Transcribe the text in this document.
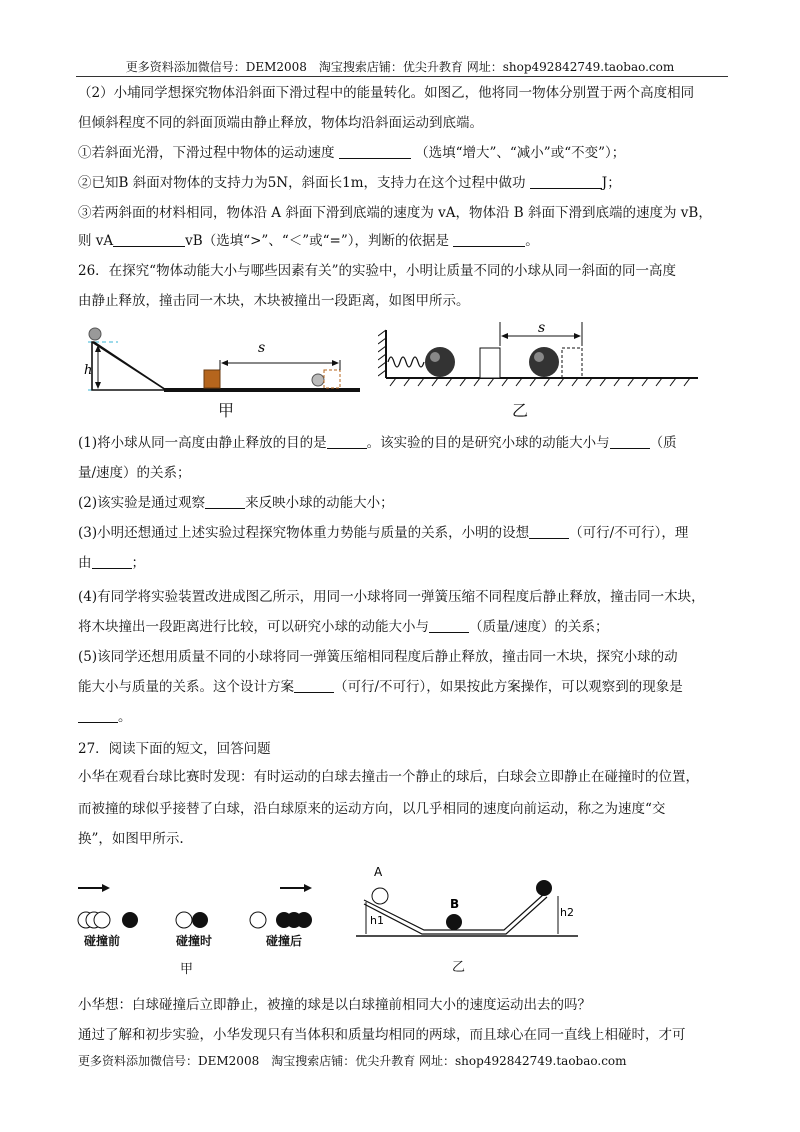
更多资料添加微信号：DEM2008　淘宝搜索店铺：优尖升教育 网址：shop492842749.taobao.com
（2）小埔同学想探究物体沿斜面下滑过程中的能量转化。如图乙，他将同一物体分别置于两个高度相同
但倾斜程度不同的斜面顶端由静止释放，物体均沿斜面运动到底端。
①若斜面光滑，下滑过程中物体的运动速度	（选填“增大”、“减小”或“不变”）；
②已知B 斜面对物体的支持力为5N，斜面长1m，支持力在这个过程中做功	J；
③若两斜面的材料相同，物体沿 A 斜面下滑到底端的速度为 vA，物体沿 B 斜面下滑到底端的速度为 vB，
则 vA	vB（选填“>”、“＜”或“=”），判断的依据是	。
26．在探究“物体动能大小与哪些因素有关”的实验中，小明让质量不同的小球从同一斜面的同一高度
由静止释放，撞击同一木块，木块被撞出一段距离，如图甲所示。
h
s
甲
s
乙
(1)将小球从同一高度由静止释放的目的是	。该实验的目的是研究小球的动能大小与	（质
量/速度）的关系；
(2)该实验是通过观察	来反映小球的动能大小；
(3)小明还想通过上述实验过程探究物体重力势能与质量的关系，小明的设想	（可行/不可行），理
由	；
(4)有同学将实验装置改进成图乙所示，用同一小球将同一弹簧压缩不同程度后静止释放，撞击同一木块，
将木块撞出一段距离进行比较，可以研究小球的动能大小与	（质量/速度）的关系；
(5)该同学还想用质量不同的小球将同一弹簧压缩相同程度后静止释放，撞击同一木块，探究小球的动
能大小与质量的关系。这个设计方案	（可行/不可行），如果按此方案操作，可以观察到的现象是
。
27．阅读下面的短文，回答问题
小华在观看台球比赛时发现：有时运动的白球去撞击一个静止的球后，白球会立即静止在碰撞时的位置，
而被撞的球似乎接替了白球，沿白球原来的运动方向，以几乎相同的速度向前运动，称之为速度“交
换”，如图甲所示.
碰撞前	碰撞时	碰撞后
甲
A
B
h1
h2
乙
小华想：白球碰撞后立即静止，被撞的球是以白球撞前相同大小的速度运动出去的吗？
通过了解和初步实验，小华发现只有当体积和质量均相同的两球，而且球心在同一直线上相碰时，才可
更多资料添加微信号：DEM2008　淘宝搜索店铺：优尖升教育 网址：shop492842749.taobao.com
